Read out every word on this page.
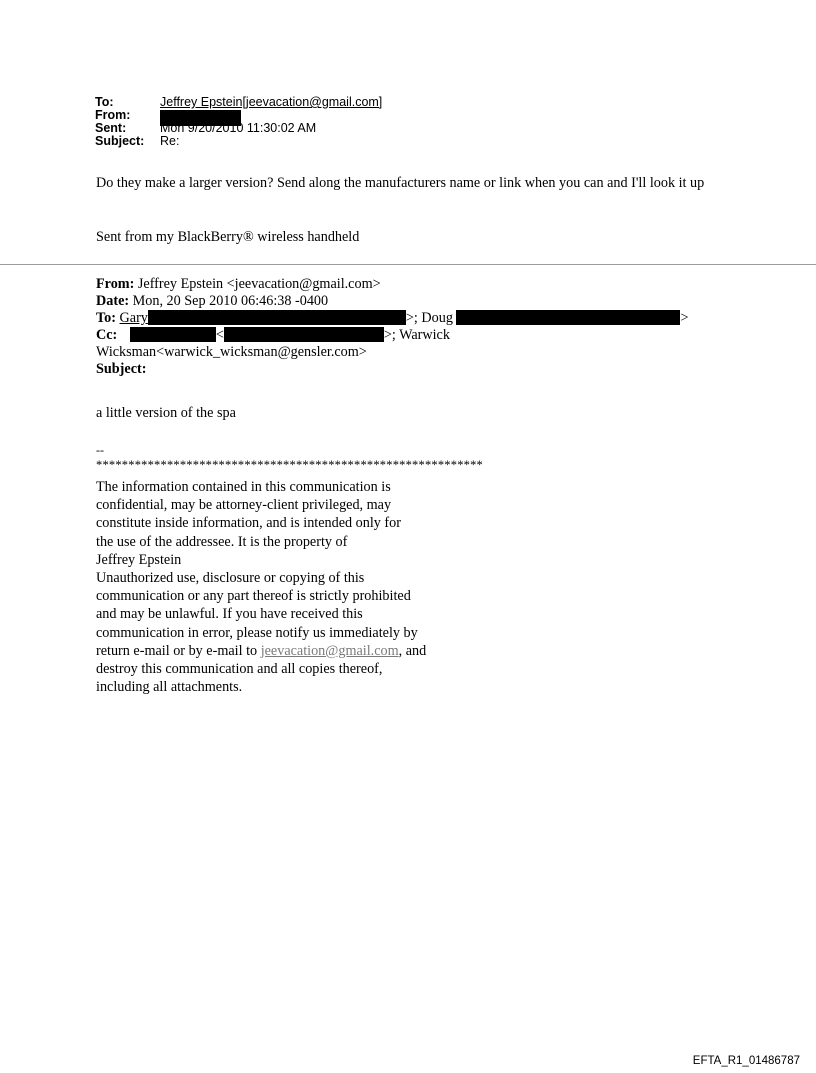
To:	Jeffrey Epstein[jeevacation@gmail.com]
From:
Sent:	Mon 9/20/2010 11:30:02 AM
Subject: Re:
Do they make a larger version? Send along the manufacturers name or link when you can and I'll look it up
Sent from my BlackBerry® wireless handheld
From: Jeffrey Epstein <jeevacation@gmail.com>
Date: Mon, 20 Sep 2010 06:46:38 -0400
To: Gary	>; Doug	>
Cc:	<	>; Warwick
Wicksman<warwick_wicksman@gensler.com>
Subject:
a little version of the spa
--
************************************************************
The information contained in this communication is
confidential, may be attorney-client privileged, may
constitute inside information, and is intended only for
the use of the addressee. It is the property of
Jeffrey Epstein
Unauthorized use, disclosure or copying of this
communication or any part thereof is strictly prohibited
and may be unlawful. If you have received this
communication in error, please notify us immediately by
return e-mail or by e-mail to jeevacation@gmail.com, and
destroy this communication and all copies thereof,
including all attachments.
EFTA_R1_01486787
